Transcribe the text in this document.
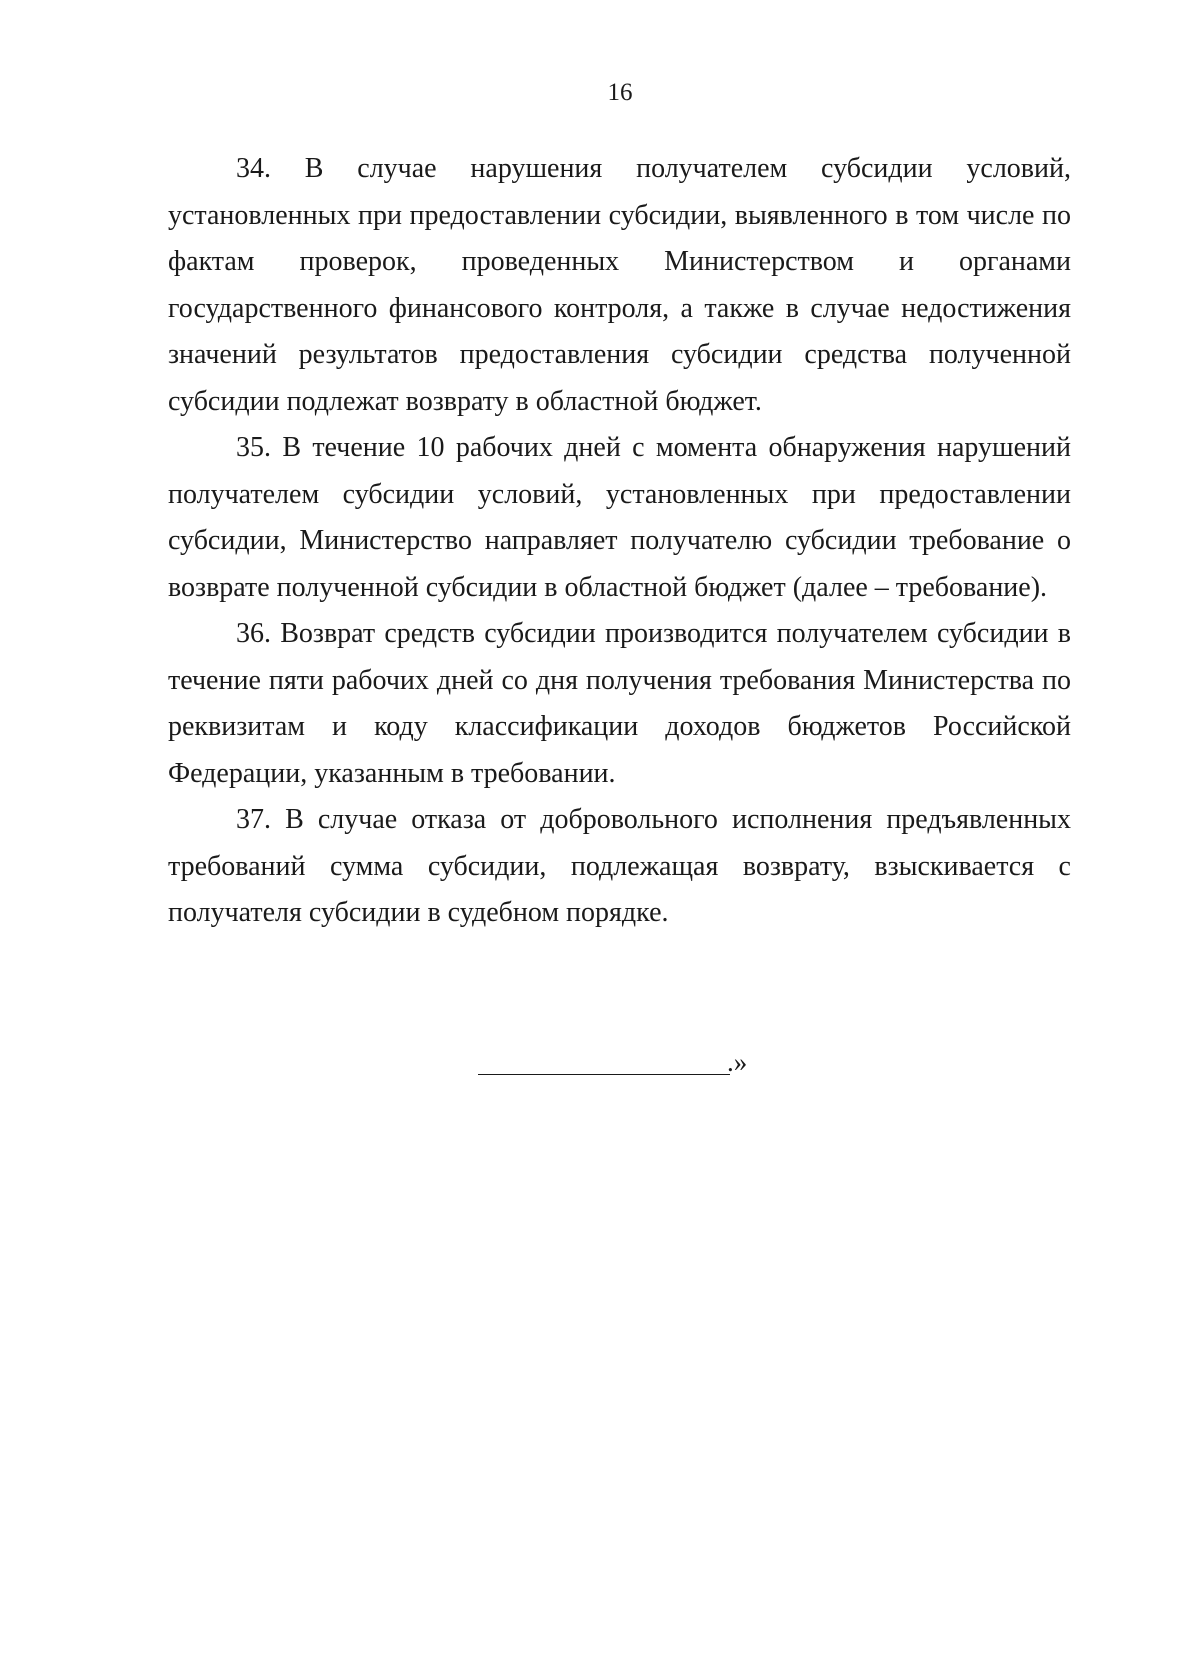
16

34. В случае нарушения получателем субсидии условий, установленных при предоставлении субсидии, выявленного в том числе по фактам проверок, проведенных Министерством и органами государственного финансового контроля, а также в случае недостижения значений результатов предоставления субсидии средства полученной субсидии подлежат возврату в областной бюджет.

35. В течение 10 рабочих дней с момента обнаружения нарушений получателем субсидии условий, установленных при предоставлении субсидии, Министерство направляет получателю субсидии требование о возврате полученной субсидии в областной бюджет (далее – требование).

36. Возврат средств субсидии производится получателем субсидии в течение пяти рабочих дней со дня получения требования Министерства по реквизитам и коду классификации доходов бюджетов Российской Федерации, указанным в требовании.

37. В случае отказа от добровольного исполнения предъявленных требований сумма субсидии, подлежащая возврату, взыскивается с получателя субсидии в судебном порядке.

.»
